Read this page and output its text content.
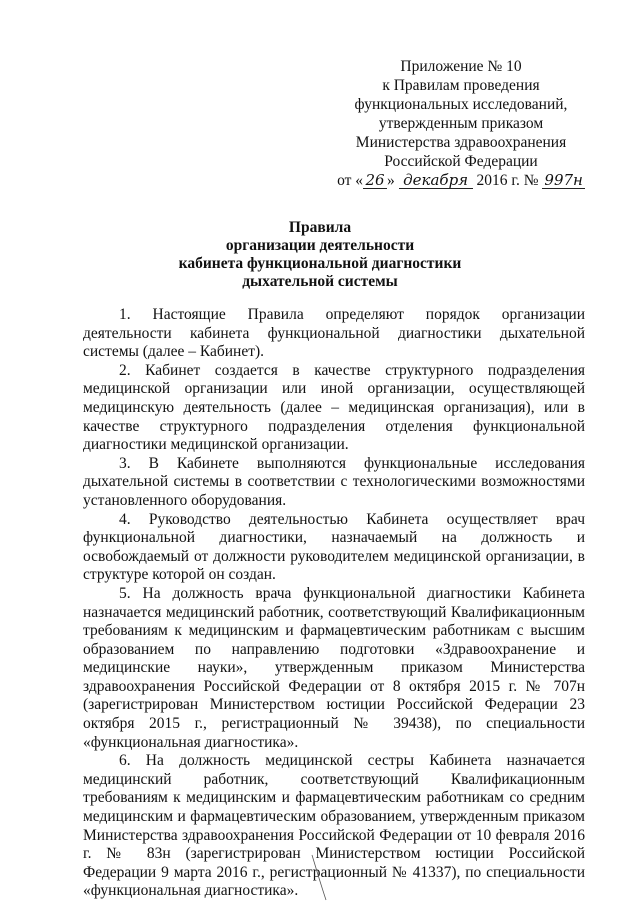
Приложение № 10
к Правилам проведения
функциональных исследований,
утвержденным приказом
Министерства здравоохранения
Российской Федерации
от « 26 » декабря 2016 г. № 997н
Правила
организации деятельности
кабинета функциональной диагностики
дыхательной системы

1. Настоящие Правила определяют порядок организации деятельности кабинета функциональной диагностики дыхательной системы (далее – Кабинет).

2. Кабинет создается в качестве структурного подразделения медицинской организации или иной организации, осуществляющей медицинскую деятельность (далее – медицинская организация), или в качестве структурного подразделения отделения функциональной диагностики медицинской организации.

3. В Кабинете выполняются функциональные исследования дыхательной системы в соответствии с технологическими возможностями установленного оборудования.

4. Руководство деятельностью Кабинета осуществляет врач функциональной диагностики, назначаемый на должность и освобождаемый от должности руководителем медицинской организации, в структуре которой он создан.

5. На должность врача функциональной диагностики Кабинета назначается медицинский работник, соответствующий Квалификационным требованиям к медицинским и фармацевтическим работникам с высшим образованием по направлению подготовки «Здравоохранение и медицинские науки», утвержденным приказом Министерства здравоохранения Российской Федерации от 8 октября 2015 г. № 707н (зарегистрирован Министерством юстиции Российской Федерации 23 октября 2015 г., регистрационный № 39438), по специальности «функциональная диагностика».

6. На должность медицинской сестры Кабинета назначается медицинский работник, соответствующий Квалификационным требованиям к медицинским и фармацевтическим работникам со средним медицинским и фармацевтическим образованием, утвержденным приказом Министерства здравоохранения Российской Федерации от 10 февраля 2016 г. № 83н (зарегистрирован Министерством юстиции Российской Федерации 9 марта 2016 г., регистрационный № 41337), по специальности «функциональная диагностика».
